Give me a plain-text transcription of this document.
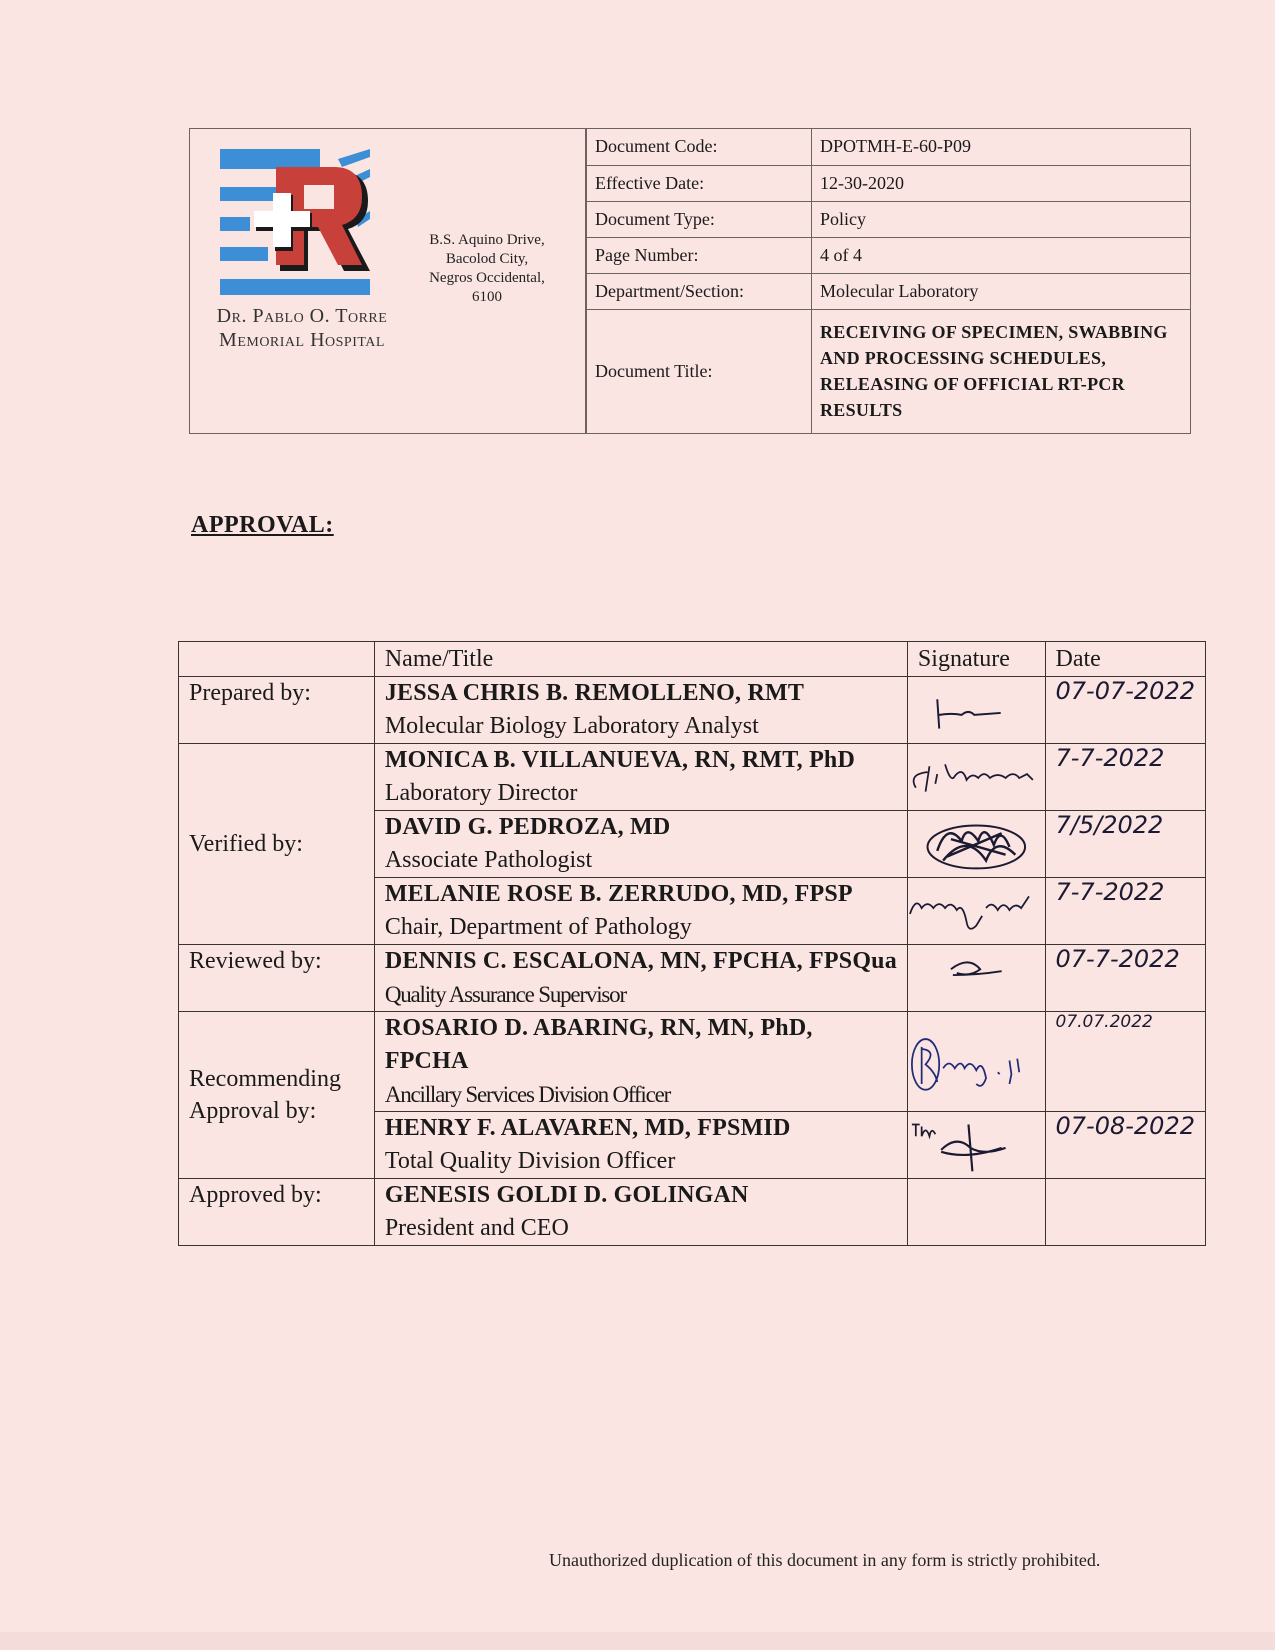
Dr. Pablo O. Torre
Memorial Hospital
B.S. Aquino Drive,
Bacolod City,
Negros Occidental,
6100
Document Code:	DPOTMH-E-60-P09
Effective Date:	12-30-2020
Document Type:	Policy
Page Number:	4 of 4
Department/Section:	Molecular Laboratory
Document Title:	RECEIVING OF SPECIMEN, SWABBING AND PROCESSING SCHEDULES, RELEASING OF OFFICIAL RT-PCR RESULTS
APPROVAL:
	Name/Title	Signature	Date
Prepared by:	JESSA CHRIS B. REMOLLENO, RMT
Molecular Biology Laboratory Analyst		07-07-2022
Verified by:	MONICA B. VILLANUEVA, RN, RMT, PhD
Laboratory Director		7-7-2022

	DAVID G. PEDROZA, MD
Associate Pathologist		7/5/2022

	MELANIE ROSE B. ZERRUDO, MD, FPSP
Chair, Department of Pathology		7-7-2022
Reviewed by:	DENNIS C. ESCALONA, MN, FPCHA, FPSQua
Quality Assurance Supervisor		07-7-2022
Recommending
Approval by:	ROSARIO D. ABARING, RN, MN, PhD, FPCHA
Ancillary Services Division Officer		07.07.2022

	HENRY F. ALAVAREN, MD, FPSMID
Total Quality Division Officer		07-08-2022
Approved by:	GENESIS GOLDI D. GOLINGAN
President and CEO		

Unauthorized duplication of this document in any form is strictly prohibited.
